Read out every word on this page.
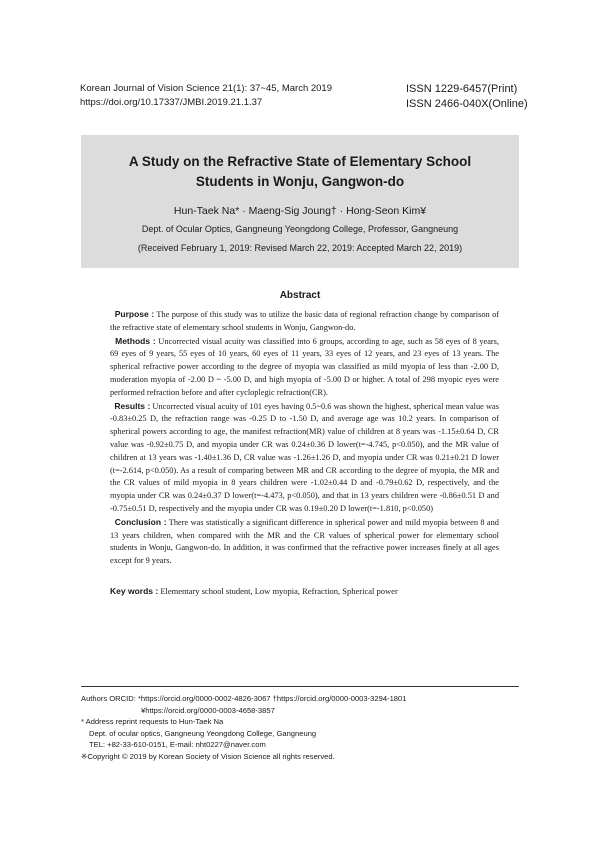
Korean Journal of Vision Science 21(1): 37~45, March 2019
https://doi.org/10.17337/JMBI.2019.21.1.37
ISSN 1229-6457(Print)
ISSN 2466-040X(Online)
A Study on the Refractive State of Elementary School
Students in Wonju, Gangwon-do
Hun-Taek Na* · Maeng-Sig Joung† · Hong-Seon Kim¥
Dept. of Ocular Optics, Gangneung Yeongdong College, Professor, Gangneung
(Received February 1, 2019: Revised March 22, 2019: Accepted March 22, 2019)
Abstract

Purpose : The purpose of this study was to utilize the basic data of regional refraction change by comparison of the refractive state of elementary school students in Wonju, Gangwon-do.

Methods : Uncorrected visual acuity was classified into 6 groups, according to age, such as 58 eyes of 8 years, 69 eyes of 9 years, 55 eyes of 10 years, 60 eyes of 11 years, 33 eyes of 12 years, and 23 eyes of 13 years. The spherical refractive power according to the degree of myopia was classified as mild myopia of less than -2.00 D, moderation myopia of -2.00 D ~ -5.00 D, and high myopia of -5.00 D or higher. A total of 298 myopic eyes were performed refraction before and after cycloplegic refraction(CR).

Results : Uncorrected visual acuity of 101 eyes having 0.5~0.6 was shown the highest, spherical mean value was -0.83±0.25 D, the refraction range was -0.25 D to -1.50 D, and average age was 10.2 years. In comparison of spherical powers according to age, the manifest refraction(MR) value of children at 8 years was -1.15±0.64 D, CR value was -0.92±0.75 D, and myopia under CR was 0.24±0.36 D lower(t=-4.745, p<0.050), and the MR value of children at 13 years was -1.40±1.36 D, CR value was -1.26±1.26 D, and myopia under CR was 0.21±0.21 D lower (t=-2.614, p<0.050). As a result of comparing between MR and CR according to the degree of myopia, the MR and the CR values of mild myopia in 8 years children were -1.02±0.44 D and -0.79±0.62 D, respectively, and the myopia under CR was 0.24±0.37 D lower(t=-4.473, p<0.050), and that in 13 years children were -0.86±0.51 D and -0.75±0.51 D, respectively and the myopia under CR was 0.19±0.20 D lower(t=-1.810, p<0.050)

Conclusion : There was statistically a significant difference in spherical power and mild myopia between 8 and 13 years children, when compared with the MR and the CR values of spherical power for elementary school students in Wonju, Gangwon-do. In addition, it was confirmed that the refractive power increases finely at all ages except for 9 years.

Key words : Elementary school student, Low myopia, Refraction, Spherical power
Authors ORCID: *https://orcid.org/0000-0002-4826-3067 †https://orcid.org/0000-0003-3294-1801
¥https://orcid.org/0000-0003-4658-3857
* Address reprint requests to Hun-Taek Na
Dept. of ocular optics, Gangneung Yeongdong College, Gangneung
TEL: +82-33-610-0151, E-mail: nht0227@naver.com
※Copyright © 2019 by Korean Society of Vision Science all rights reserved.
